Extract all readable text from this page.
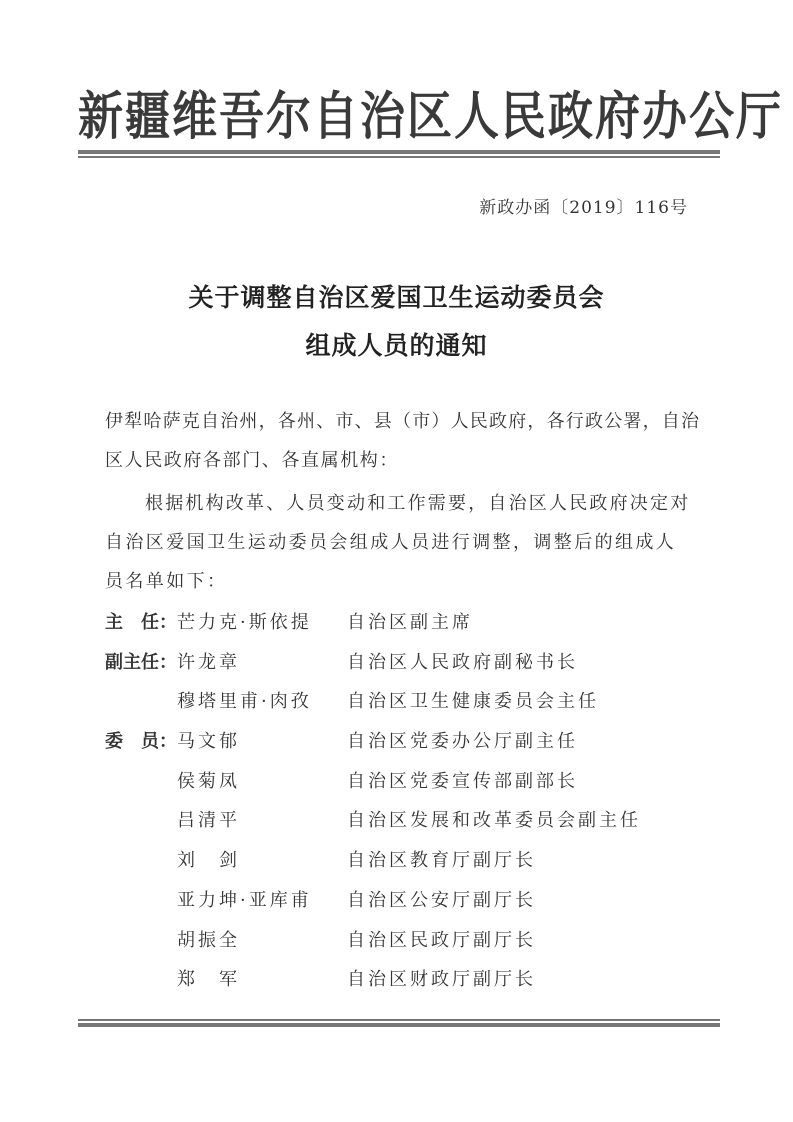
新疆维吾尔自治区人民政府办公厅
新政办函〔2019〕116号
关于调整自治区爱国卫生运动委员会
组成人员的通知
伊犁哈萨克自治州，各州、市、县（市）人民政府，各行政公署，自治
区人民政府各部门、各直属机构：
根据机构改革、人员变动和工作需要，自治区人民政府决定对
自治区爱国卫生运动委员会组成人员进行调整，调整后的组成人
员名单如下：
主　任： 芒力克·斯依提 自治区副主席
副主任： 许龙章	自治区人民政府副秘书长
穆塔里甫·肉孜 自治区卫生健康委员会主任
委　员： 马文郁	自治区党委办公厅副主任
侯菊凤	自治区党委宣传部副部长
吕清平	自治区发展和改革委员会副主任
刘　剑	自治区教育厅副厅长
亚力坤·亚库甫 自治区公安厅副厅长
胡振全	自治区民政厅副厅长
郑　军	自治区财政厅副厅长
